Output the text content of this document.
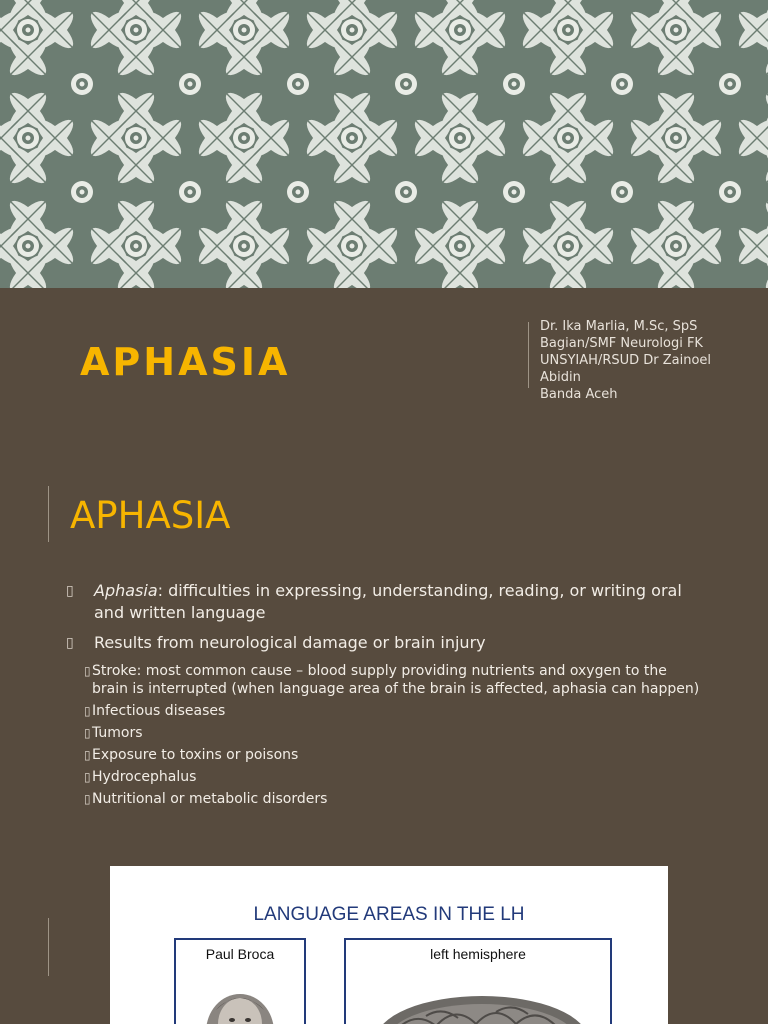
APHASIA
Dr. Ika Marlia, M.Sc, SpS
Bagian/SMF Neurologi FK
UNSYIAH/RSUD Dr Zainoel
Abidin
Banda Aceh
APHASIA
▯ Aphasia: difficulties in expressing, understanding, reading, or writing oral and written language
▯ Results from neurological damage or brain injury
▯ Stroke: most common cause – blood supply providing nutrients and oxygen to the brain is interrupted (when language area of the brain is affected, aphasia can happen)
▯ Infectious diseases
▯ Tumors
▯ Exposure to toxins or poisons
▯ Hydrocephalus
▯ Nutritional or metabolic disorders
LANGUAGE AREAS IN THE LH
Paul Broca	left hemisphere
